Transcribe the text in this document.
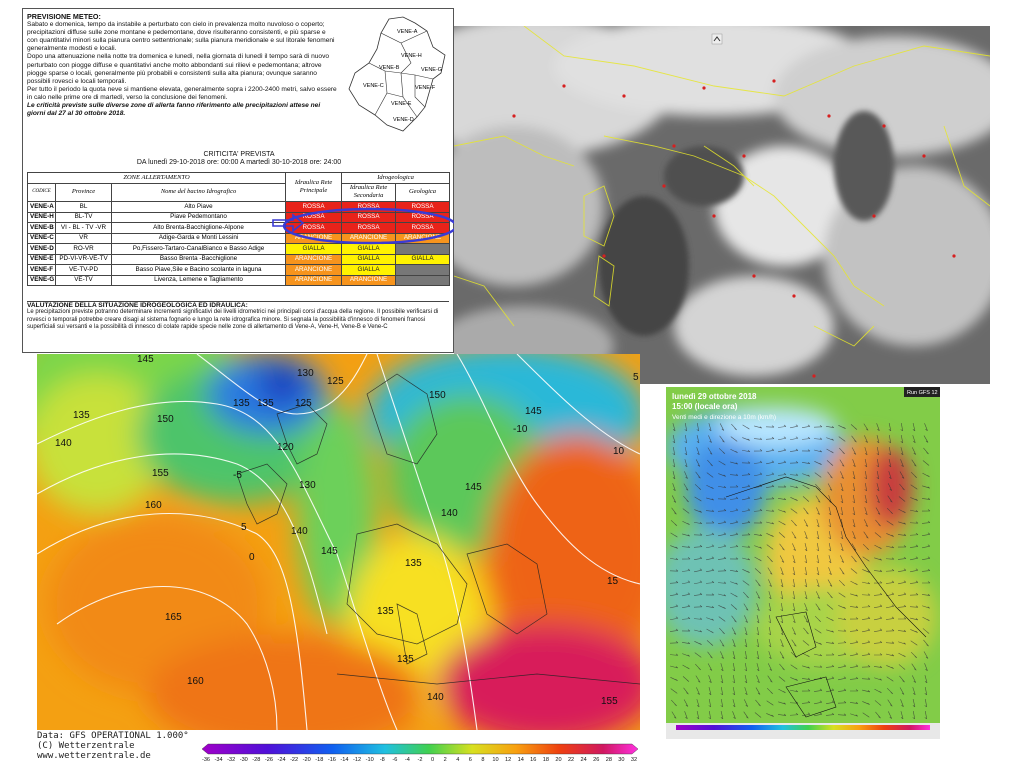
PREVISIONE METEO:
Sabato e domenica, tempo da instabile a perturbato con cielo in prevalenza molto nuvoloso o coperto; precipitazioni diffuse sulle zone montane e pedemontane, dove risulteranno consistenti, e più sparse e con quantitativi minori sulla pianura centro settentrionale; sulla pianura meridionale e sul litorale fenomeni generalmente modesti e locali.
Dopo una attenuazione nella notte tra domenica e lunedì, nella giornata di lunedì il tempo sarà di nuovo perturbato con piogge diffuse e quantitativi anche molto abbondanti sui rilievi e pedemontana; altrove piogge sparse o locali, generalmente più probabili e consistenti sulla alta pianura; ovunque saranno possibili rovesci e locali temporali.
Per tutto il periodo la quota neve si mantiene elevata, generalmente sopra i 2200-2400 metri, salvo essere in calo nelle prime ore di martedì, verso la conclusione dei fenomeni.
Le criticità previste sulle diverse zone di allerta fanno riferimento alle precipitazioni attese nei giorni dal 27 al 30 ottobre 2018.
VENE-A
VENE-H
VENE-G
VENE-B
VENE-F
VENE-C
VENE-E
VENE-D
CRITICITA' PREVISTA
DA lunedì 29-10-2018 ore: 00:00 A martedì 30-10-2018 ore: 24:00
ZONE ALLERTAMENTO			Idraulica Rete Principale	Idrogeologica	
CODICE	Province	Nome del bacino Idrografico		Idraulica Rete Secondaria	Geologica
VENE-A	BL	Alto Piave	ROSSA	ROSSA	ROSSA
VENE-H	BL-TV	Piave Pedemontano	ROSSA	ROSSA	ROSSA
VENE-B	VI - BL - TV -VR	Alto Brenta-Bacchiglione-Alpone	ROSSA	ROSSA	ROSSA
VENE-C	VR	Adige-Garda e Monti Lessini	ARANCIONE	ARANCIONE	ARANCIONE
VENE-D	RO-VR	Po,Fissero-Tartaro-CanalBianco e Basso Adige	GIALLA	GIALLA	
VENE-E	PD-VI-VR-VE-TV	Basso Brenta -Bacchiglione	ARANCIONE	GIALLA	GIALLA
VENE-F	VE-TV-PD	Basso Piave,Sile e Bacino scolante in laguna	ARANCIONE	GIALLA	
VENE-G	VE-TV	Livenza, Lemene e Tagliamento	ARANCIONE	ARANCIONE	
VALUTAZIONE DELLA SITUAZIONE IDROGEOLOGICA ED IDRAULICA:
Le precipitazioni previste potranno determinare incrementi significativi dei livelli idrometrici nei principali corsi d'acqua della regione. Il possibile verificarsi di rovesci o temporali potrebbe creare disagi al sistema fognario e lungo la rete idrografica minore. Si segnala la possibilità d'innesco di fenomeni franosi superficiali sui versanti e la possibilità di innesco di colate rapide specie nelle zone di allertamento di Vene-A, Vene-H, Vene-B e Vene-C
145
130
135 135 125
125
150
145
135
140
155
150
120
160
5
130
165
140
145
160
0
145
135
140
135
140
135
155
10
15
-10
-5
5
Data: GFS OPERATIONAL 1.000°
(C) Wetterzentrale
www.wetterzentrale.de	-36 -34 -32 -30 -28 -26 -24 -22 -20 -18 -16 -14 -12 -10 -8 -6 -4 -2 0 2 4 6 8 10 12 14 16 18 20 22 24 26 28 30 32
Run GFS 12
lunedì 29 ottobre 2018
15:00 (locale ora)
Venti medi e direzione a 10m (km/h)
